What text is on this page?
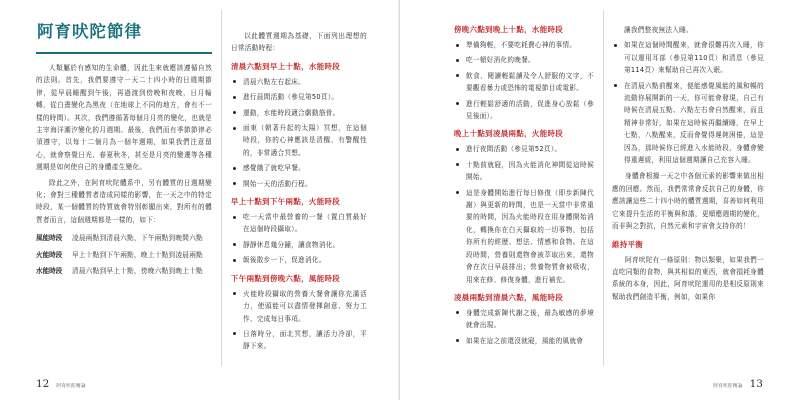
阿育吠陀節律

人類屬於有感知的生命體，因此生來就應該遵循自然的法則。首先，我們要遵守一天二十四小時的日週期節律，從早晨睡醒到午後，再過渡到傍晚和夜晚，日月輪轉，從白晝變化為黑夜（在地球上不同的地方，會有不一樣的時間）。其次，我們遵循著每個月月亮的變化，也就是主宰海洋潮汐變化的月週期。最後，我們而有季節節律必須遵守，以每十二個月為一個年週期，如果我們注意留心，就會察覺日光、春夏秋冬，甚至是月亮的變遷等各種週期是如何使自己的身體產生變化。

除此之外，在阿育吠陀體系中，另有體質的日週期變化；會對三種體質者造成同樣的影響，在一天之中的特定時段，某一個體質的特質就會特別彰顯出來，對所有的體質者而言，這個週期都是一樣的，如下：

風能時段	凌晨兩點到清晨六點，下午兩點到晚間六點
火能時段	早上十點到下午兩點，晚上十點到凌晨兩點
水能時段	清晨六點到早上十點，傍晚六點到晚上十點

以此體質週期為基礎，下面列出理想的日常活動時程：

清晨六點到早上十點，水能時段
清晨六點左右起床。
進行晨間活動（參見第50頁）。
運動，水能時段適合劇動筋骨。
面東（朝著升起的太陽）冥想，在這個時段，你的心神應該是清醒、有警醒性的，非常適合冥想。
感覺餓了就吃早餐。
開始一天的活動行程。
早上十點到下午兩點，火能時段
吃一天當中最營養的一餐（置白質最好在這個時段攝取）。
靜靜休息幾分鐘，讓食物消化。
飯後散步一下，促進消化。
下午兩點到傍晚六點，風能時段
火能時段攝取的營養大餐會讓你充滿活力，使頭能可以盡情發揮創意、努力工作、完成每日事項。
日落時分，面北冥想，讓活力冷卻，平靜下來。
12 阿育吠陀精論
傍晚六點到晚上十點，水能時段
準備夠輕，不要吃耗費心神的事情。
吃一頓好消化的晚餐。
飲食、閱讀輕鬆讀及令人舒服的文字，不要觀看暴力或恐怖的電視節目或電影。
進行輕鬆舒適的活動，促進身心放鬆（參見後面）。
晚上十點到凌晨兩點，火能時段
進行夜間活動（參見第52頁）。
十點前就寢，因為火能消化神間從這時候開始。
這是身體開始進行每日修復（即步新陳代謝）與更新的時間，也是一天當中非常重要的時間，因為火能時段在用身體開始消化，轉換你在白天攝取的一切事物，包括你所有的經歷、想法、情感和食物。在這段時間，營養則還物會被萃取出來，還物會在次日早晨排出；營養物質會被吸收，用來在修、修復身體，進行補充。
凌晨兩點到清晨六點，風能時段
身體完成新陳代謝之後，最為敏感的夢境就會出現。
如果在這之前還沒就寢，風能的風就會

讓我們整夜無法入睡。

如果在這個時間醒來，就會很難再次入睡，你可以運用耳部（參見第110頁）和清息（參見第114頁）來幫助自己再次入眠。
在清晨六點前醒來，便能感覺風能的風和暢的流動你展開新的一天，你可能會發現，自己有時候在清晨五點、六點左右會自然醒來，而且精神非常好，如果在這時候再繼續睡，在早上七點，八點醒來，反而會覺得遲鈍困倦，這是因為，那時候你已經進入水能時段，身體會變得重遲緩，利用這個週期讓自己充容入睡。

身體會根據一天之中各個元素的影響來做出相應的回應。然而，我們常常會反抗自己的身體，你應該讓這些二十四小時的體質週期，喜善如何利用它來提升生活的平衡與和諧，更順應週期的變化，而非與之對抗，自然元素和宇宙會支持你的！

維持平衡

阿育吠陀有一條原則：物以類聚，如果我們一直吃同類的食物，與其相似的東西，就會損耗身體系統的本身，因此，阿育吠陀運用的是相反原則來幫助我們創造平衡，例如，如果你

阿育吠陀精論 13
